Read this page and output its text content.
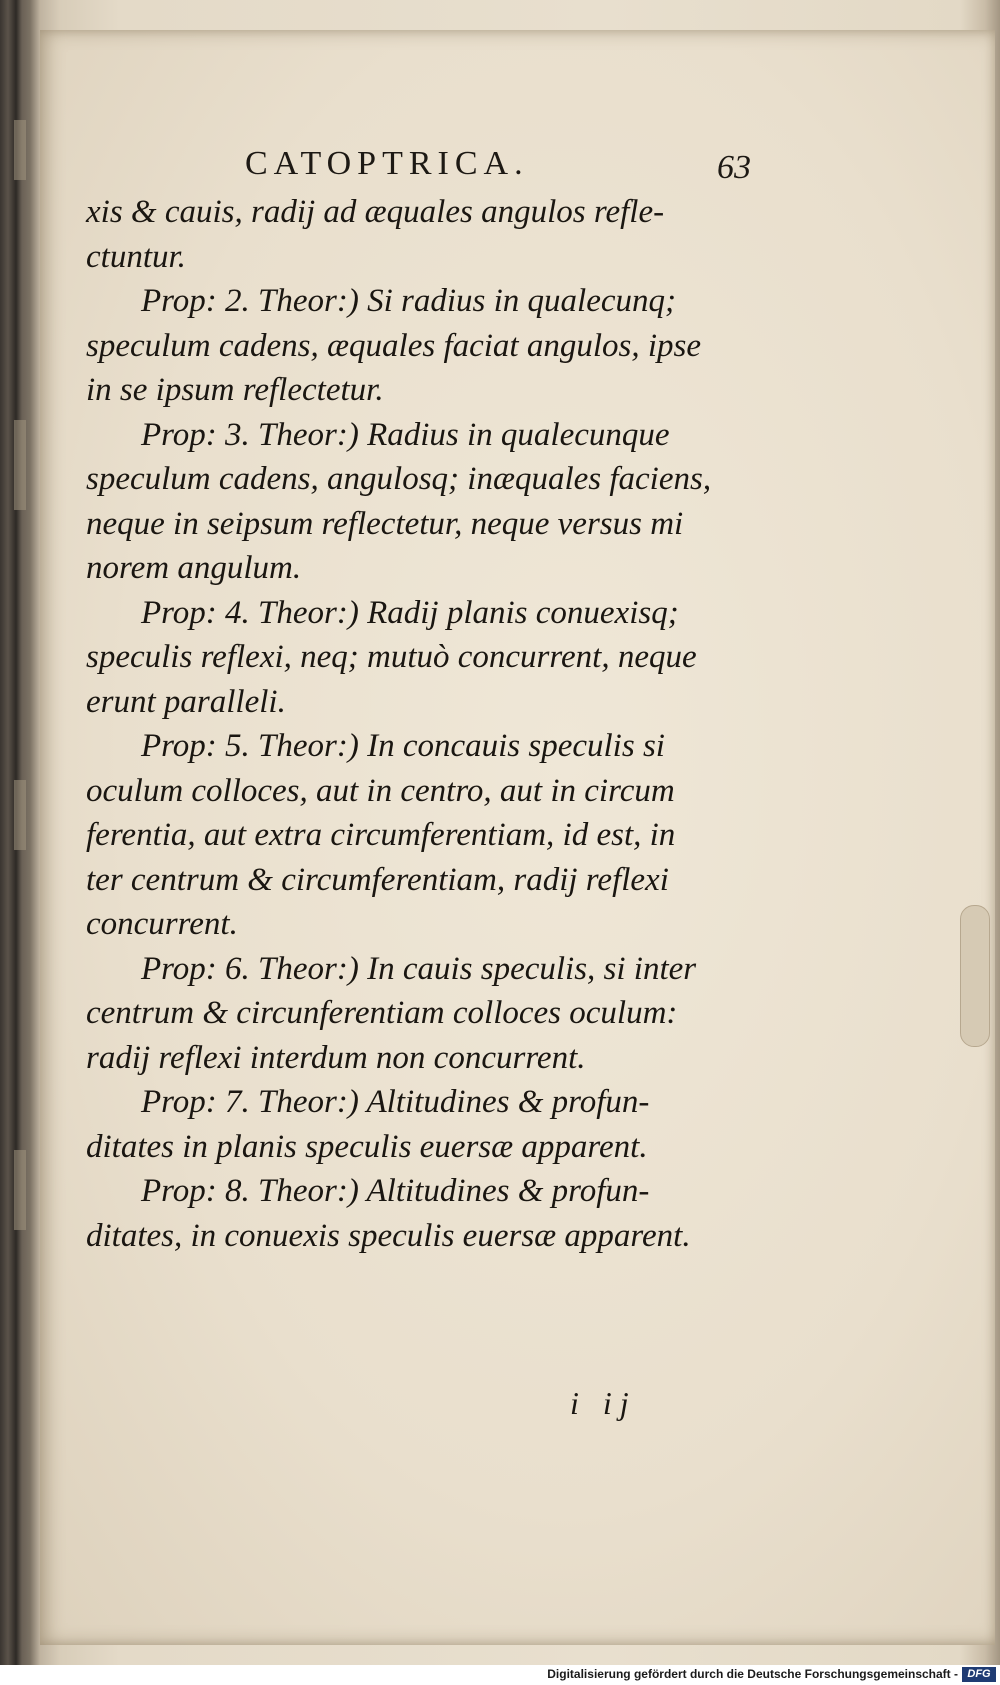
CATOPTRICA.	63
xis & cauis, radij ad æquales angulos refle-
ctuntur.
Prop: 2. Theor:) Si radius in qualecunq;
speculum cadens, æquales faciat angulos, ipse
in se ipsum reflectetur.
Prop: 3. Theor:) Radius in qualecunque
speculum cadens, angulosq; inæquales faciens,
neque in seipsum reflectetur, neque versus mi
norem angulum.
Prop: 4. Theor:) Radij planis conuexisq;
speculis reflexi, neq; mutuò concurrent, neque
erunt paralleli.
Prop: 5. Theor:) In concauis speculis si
oculum colloces, aut in centro, aut in circum
ferentia, aut extra circumferentiam, id est, in
ter centrum & circumferentiam, radij reflexi
concurrent.
Prop: 6. Theor:) In cauis speculis, si inter
centrum & circunferentiam colloces oculum:
radij reflexi interdum non concurrent.
Prop: 7. Theor:) Altitudines & profun-
ditates in planis speculis euersæ apparent.
Prop: 8. Theor:) Altitudines & profun-
ditates, in conuexis speculis euersæ apparent.
i ij
Digitalisierung gefördert durch die Deutsche Forschungsgemeinschaft - DFG
